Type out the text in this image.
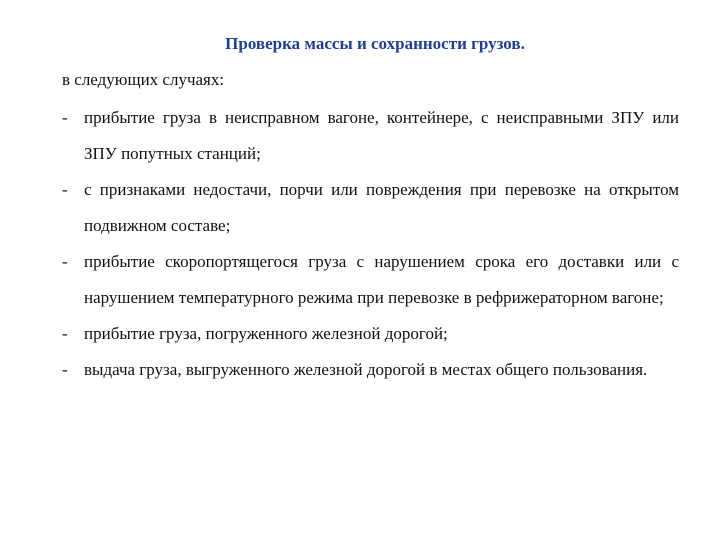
Проверка массы и сохранности грузов.
в следующих случаях:
- прибытие груза в неисправном вагоне, контейнере, с неисправными ЗПУ или
ЗПУ попутных станций;
- с признаками недостачи, порчи или повреждения при перевозке на открытом
подвижном составе;
- прибытие скоропортящегося груза с нарушением срока его доставки или с
нарушением температурного режима при перевозке в рефрижераторном вагоне;
- прибытие груза, погруженного железной дорогой;
- выдача груза, выгруженного железной дорогой в местах общего пользования.
